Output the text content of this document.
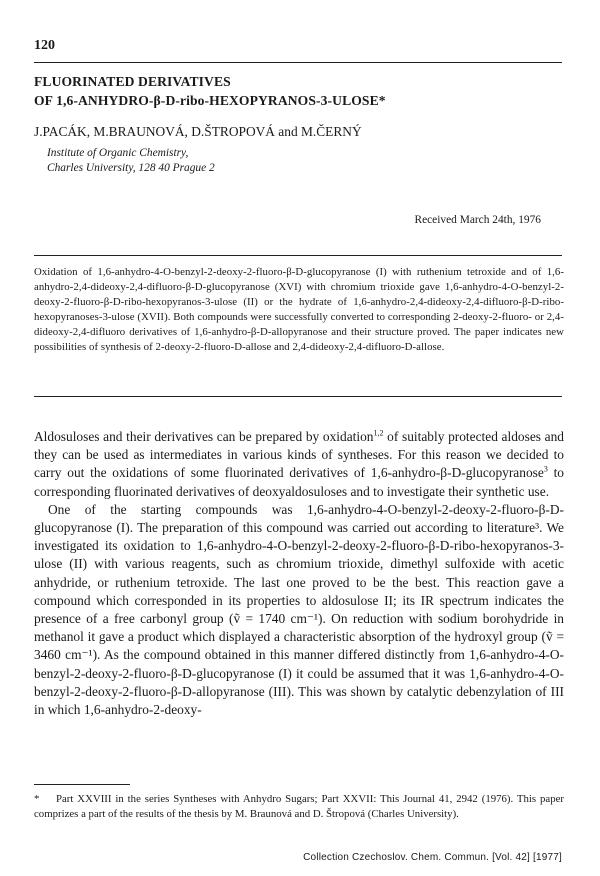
120
FLUORINATED DERIVATIVES
OF 1,6-ANHYDRO-β-D-ribo-HEXOPYRANOS-3-ULOSE*
J.PACÁK, M.BRAUNOVÁ, D.ŠTROPOVÁ and M.ČERNÝ
Institute of Organic Chemistry,
Charles University, 128 40 Prague 2
Received March 24th, 1976
Oxidation of 1,6-anhydro-4-O-benzyl-2-deoxy-2-fluoro-β-D-glucopyranose (I) with ruthenium tetroxide and of 1,6-anhydro-2,4-dideoxy-2,4-difluoro-β-D-glucopyranose (XVI) with chromium trioxide gave 1,6-anhydro-4-O-benzyl-2-deoxy-2-fluoro-β-D-ribo-hexopyranos-3-ulose (II) or the hydrate of 1,6-anhydro-2,4-dideoxy-2,4-difluoro-β-D-ribo-hexopyranoses-3-ulose (XVII). Both compounds were successfully converted to corresponding 2-deoxy-2-fluoro- or 2,4-dideoxy-2,4-difluoro derivatives of 1,6-anhydro-β-D-allopyranose and their structure proved. The paper indicates new possibilities of synthesis of 2-deoxy-2-fluoro-D-allose and 2,4-dideoxy-2,4-difluoro-D-allose.

Aldosuloses and their derivatives can be prepared by oxidation$^{1,2}$ of suitably protected aldoses and they can be used as intermediates in various kinds of syntheses. For this reason we decided to carry out the oxidations of some fluorinated derivatives of 1,6-anhydro-β-D-glucopyranose$^3$ to corresponding fluorinated derivatives of deoxyaldosuloses and to investigate their synthetic use.

One of the starting compounds was 1,6-anhydro-4-O-benzyl-2-deoxy-2-fluoro-β-D-glucopyranose (I). The preparation of this compound was carried out according to literature³. We investigated its oxidation to 1,6-anhydro-4-O-benzyl-2-deoxy-2-fluoro-β-D-ribo-hexopyranos-3-ulose (II) with various reagents, such as chromium trioxide, dimethyl sulfoxide with acetic anhydride, or ruthenium tetroxide. The last one proved to be the best. This reaction gave a compound which corresponded in its properties to aldosulose II; its IR spectrum indicates the presence of a free carbonyl group (ṽ = 1740 cm⁻¹). On reduction with sodium borohydride in methanol it gave a product which displayed a characteristic absorption of the hydroxyl group (ṽ = 3460 cm⁻¹). As the compound obtained in this manner differed distinctly from 1,6-anhydro-4-O-benzyl-2-deoxy-2-fluoro-β-D-glucopyranose (I) it could be assumed that it was 1,6-anhydro-4-O-benzyl-2-deoxy-2-fluoro-β-D-allopyranose (III). This was shown by catalytic debenzylation of III in which 1,6-anhydro-2-deoxy-

* Part XXVIII in the series Syntheses with Anhydro Sugars; Part XXVII: This Journal 41, 2942 (1976). This paper comprizes a part of the results of the thesis by M. Braunová and D. Štropová (Charles University).
Collection Czechoslov. Chem. Commun. [Vol. 42] [1977]
